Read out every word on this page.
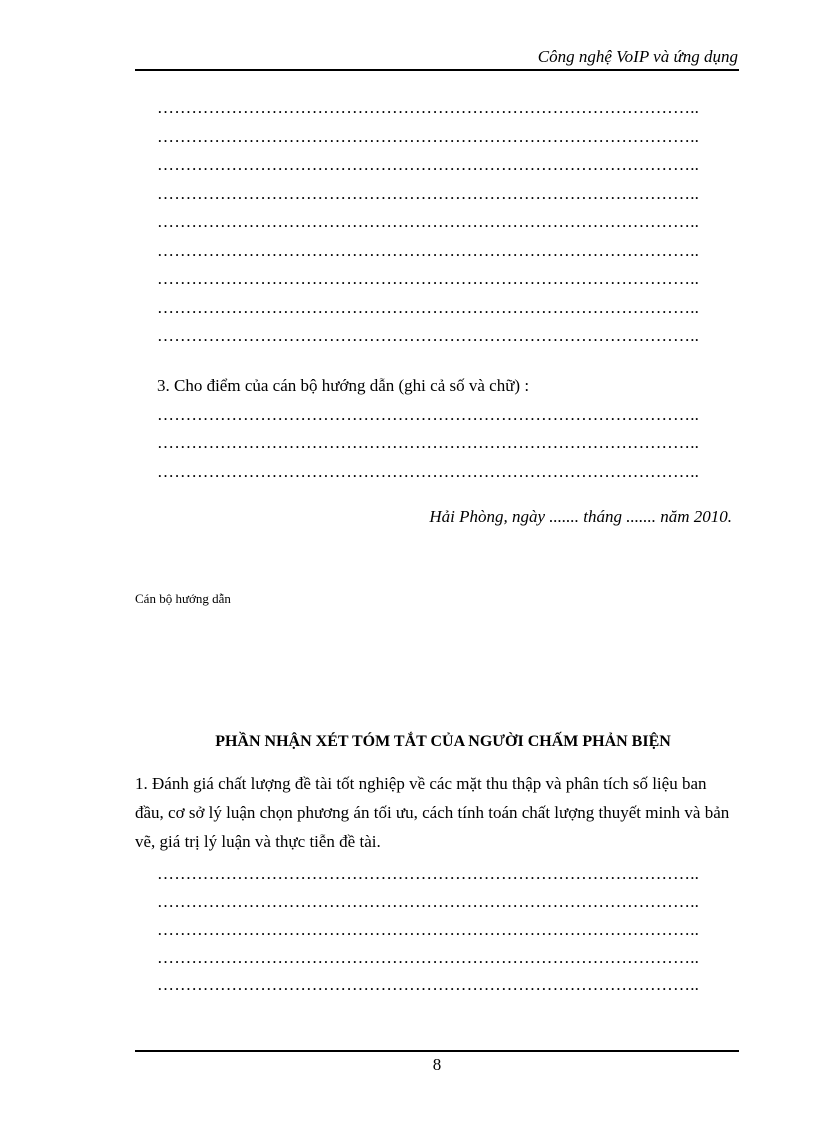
Công nghệ VoIP và ứng dụng
…………………………………………………………………………………..
…………………………………………………………………………………..
…………………………………………………………………………………..
…………………………………………………………………………………..
…………………………………………………………………………………..
…………………………………………………………………………………..
…………………………………………………………………………………..
…………………………………………………………………………………..
…………………………………………………………………………………..
3. Cho điểm của cán bộ hướng dẫn (ghi cả số và chữ) :
…………………………………………………………………………………..
…………………………………………………………………………………..
…………………………………………………………………………………..
Hải Phòng, ngày ....... tháng ....... năm 2010.
Cán bộ hướng dẫn
PHẦN NHẬN XÉT TÓM TẮT CỦA NGƯỜI CHẤM PHẢN BIỆN
1. Đánh giá chất lượng đề tài tốt nghiệp về các mặt thu thập và phân tích số liệu ban đầu, cơ sở lý luận chọn phương án tối ưu, cách tính toán chất lượng thuyết minh và bản vẽ, giá trị lý luận và thực tiễn đề tài.
…………………………………………………………………………………..
…………………………………………………………………………………..
…………………………………………………………………………………..
…………………………………………………………………………………..
…………………………………………………………………………………..
8
